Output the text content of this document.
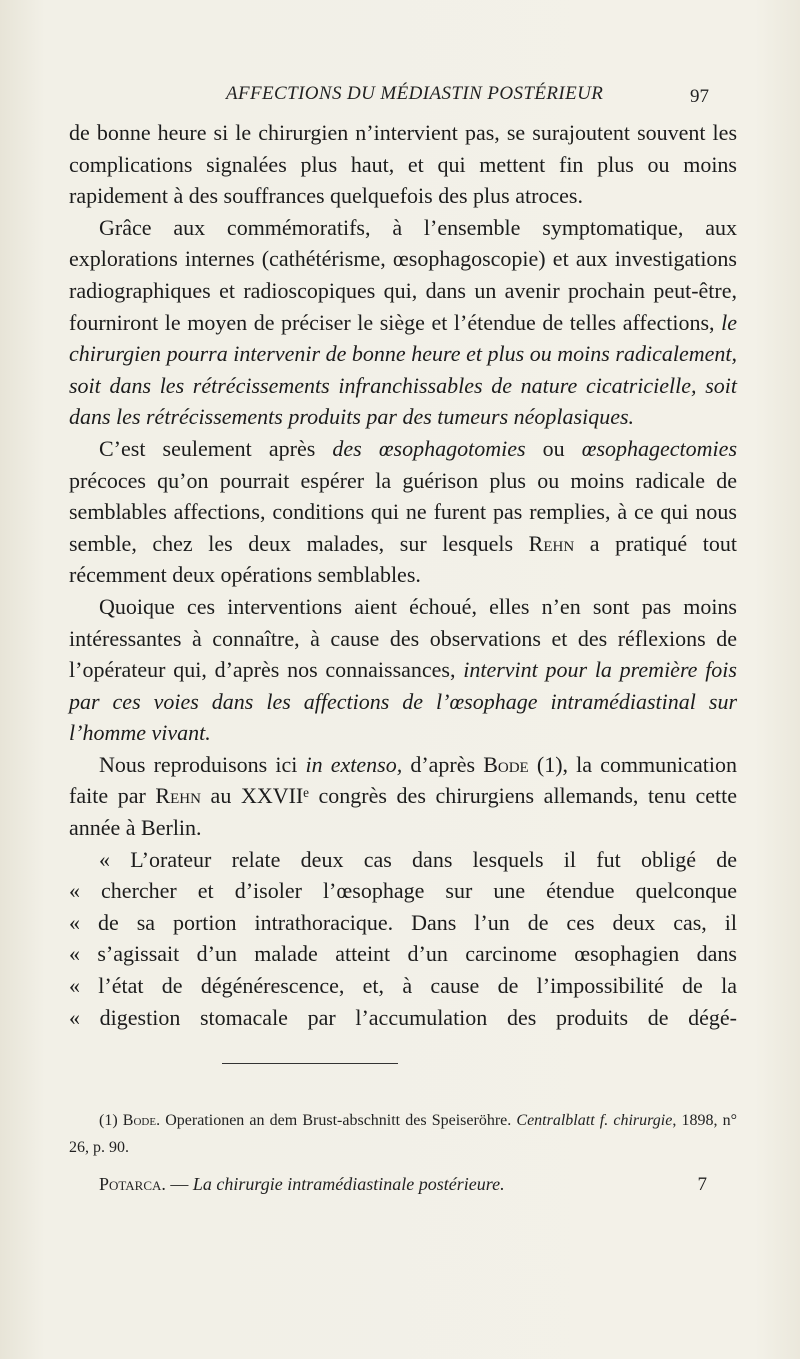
AFFECTIONS DU MÉDIASTIN POSTÉRIEUR	97

de bonne heure si le chirurgien n’intervient pas, se surajoutent souvent les complications signalées plus haut, et qui mettent fin plus ou moins rapidement à des souffrances quelquefois des plus atroces.

Grâce aux commémoratifs, à l’ensemble symptomatique, aux explorations internes (cathétérisme, œsophagoscopie) et aux investigations radiographiques et radioscopiques qui, dans un avenir prochain peut-être, fourniront le moyen de préciser le siège et l’étendue de telles affections, le chirurgien pourra intervenir de bonne heure et plus ou moins radicalement, soit dans les rétrécissements infranchissables de nature cicatricielle, soit dans les rétrécissements produits par des tumeurs néoplasiques.

C’est seulement après des œsophagotomies ou œsophagectomies précoces qu’on pourrait espérer la guérison plus ou moins radicale de semblables affections, conditions qui ne furent pas remplies, à ce qui nous semble, chez les deux malades, sur lesquels Rehn a pratiqué tout récemment deux opérations semblables.

Quoique ces interventions aient échoué, elles n’en sont pas moins intéressantes à connaître, à cause des observations et des réflexions de l’opérateur qui, d’après nos connaissances, intervint pour la première fois par ces voies dans les affections de l’œsophage intramédiastinal sur l’homme vivant.

Nous reproduisons ici in extenso, d’après Bode (1), la communication faite par Rehn au XXVIIᵉ congrès des chirurgiens allemands, tenu cette année à Berlin.

« L’orateur relate deux cas dans lesquels il fut obligé de
« chercher et d’isoler l’œsophage sur une étendue quelconque
« de sa portion intrathoracique. Dans l’un de ces deux cas, il
« s’agissait d’un malade atteint d’un carcinome œsophagien dans
« l’état de dégénérescence, et, à cause de l’impossibilité de la
« digestion stomacale par l’accumulation des produits de dégé-

(1) Bode. Operationen an dem Brust-abschnitt des Speiseröhre. Centralblatt f. chirurgie, 1898, n° 26, p. 90.

Potarca. — La chirurgie intramédiastinale postérieure.	7
